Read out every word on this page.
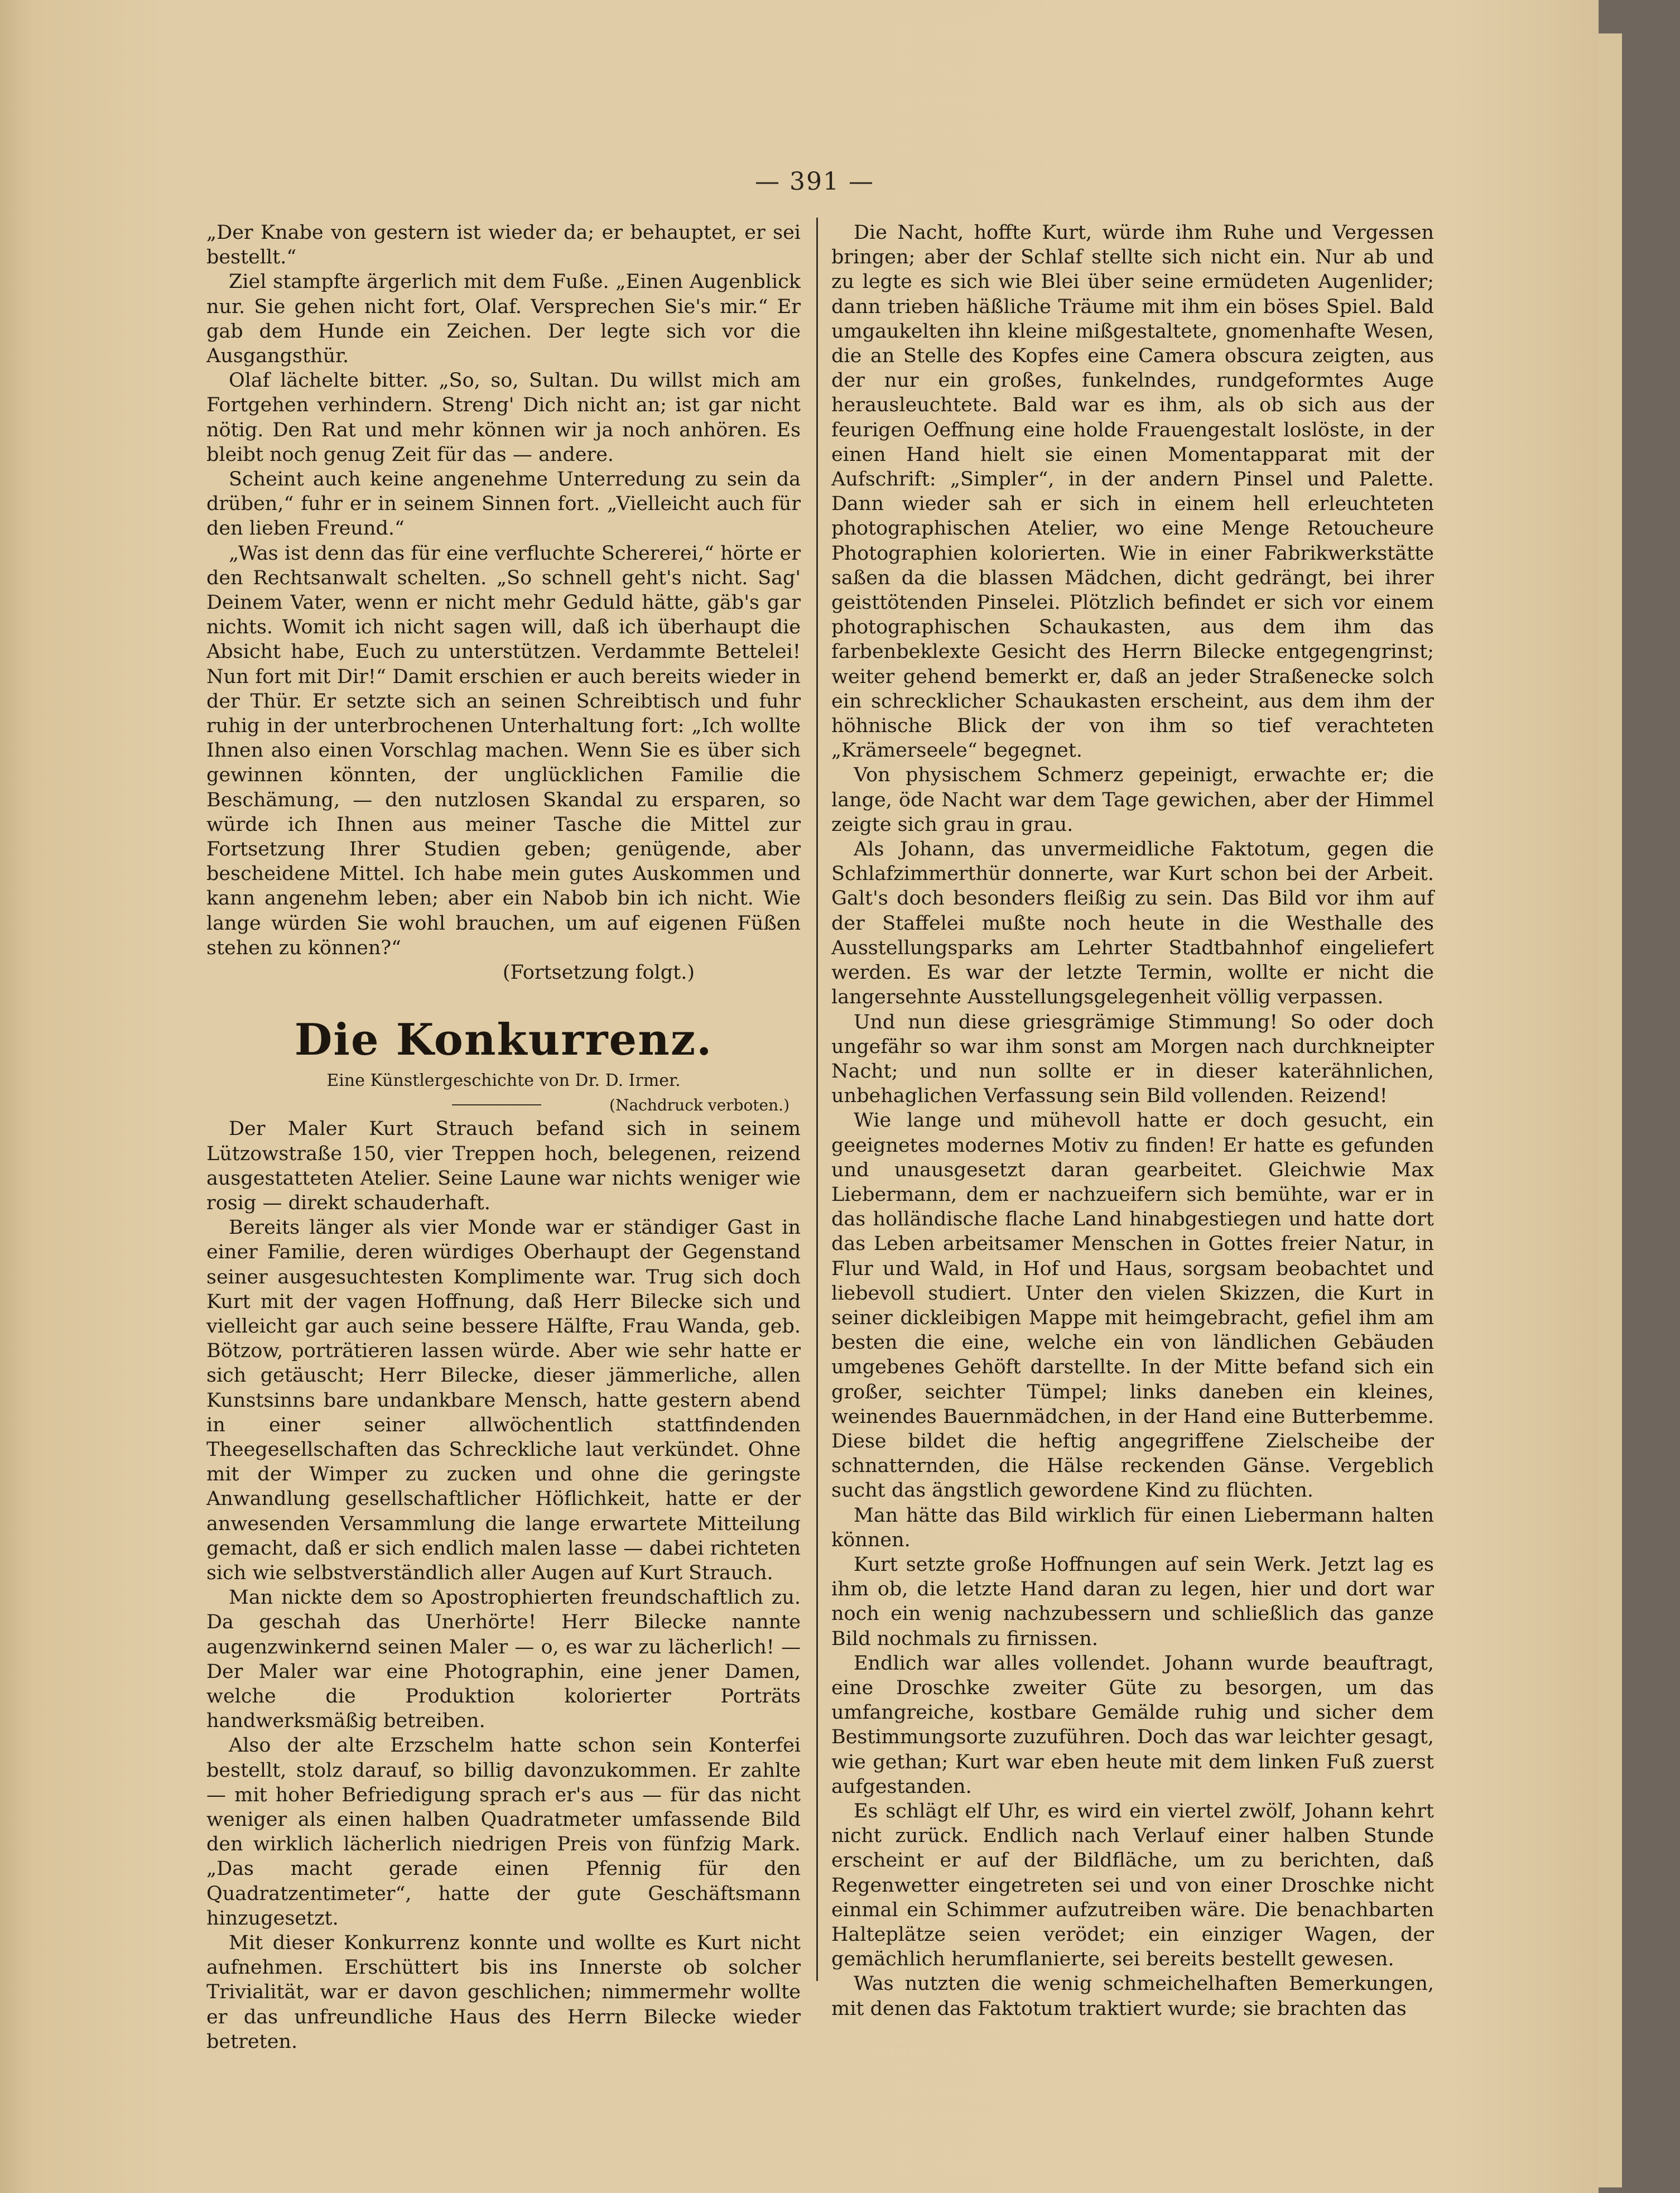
— 391 —

„Der Knabe von gestern ist wieder da; er behauptet, er sei bestellt.“

Ziel stampfte ärgerlich mit dem Fuße. „Einen Augenblick nur. Sie gehen nicht fort, Olaf. Versprechen Sie's mir.“ Er gab dem Hunde ein Zeichen. Der legte sich vor die Ausgangsthür.

Olaf lächelte bitter. „So, so, Sultan. Du willst mich am Fortgehen verhindern. Streng' Dich nicht an; ist gar nicht nötig. Den Rat und mehr können wir ja noch anhören. Es bleibt noch genug Zeit für das — andere.

Scheint auch keine angenehme Unterredung zu sein da drüben,“ fuhr er in seinem Sinnen fort. „Vielleicht auch für den lieben Freund.“

„Was ist denn das für eine verfluchte Schererei,“ hörte er den Rechtsanwalt schelten. „So schnell geht's nicht. Sag' Deinem Vater, wenn er nicht mehr Geduld hätte, gäb's gar nichts. Womit ich nicht sagen will, daß ich überhaupt die Absicht habe, Euch zu unterstützen. Verdammte Bettelei! Nun fort mit Dir!“ Damit erschien er auch bereits wieder in der Thür. Er setzte sich an seinen Schreibtisch und fuhr ruhig in der unterbrochenen Unterhaltung fort: „Ich wollte Ihnen also einen Vorschlag machen. Wenn Sie es über sich gewinnen könnten, der unglücklichen Familie die Beschämung, — den nutzlosen Skandal zu ersparen, so würde ich Ihnen aus meiner Tasche die Mittel zur Fortsetzung Ihrer Studien geben; genügende, aber bescheidene Mittel. Ich habe mein gutes Auskommen und kann angenehm leben; aber ein Nabob bin ich nicht. Wie lange würden Sie wohl brauchen, um auf eigenen Füßen stehen zu können?“

(Fortsetzung folgt.)

Die Konkurrenz.
Eine Künstlergeschichte von Dr. D. Irmer.
(Nachdruck verboten.)

Der Maler Kurt Strauch befand sich in seinem Lützowstraße 150, vier Treppen hoch, belegenen, reizend ausgestatteten Atelier. Seine Laune war nichts weniger wie rosig — direkt schauderhaft.

Bereits länger als vier Monde war er ständiger Gast in einer Familie, deren würdiges Oberhaupt der Gegenstand seiner ausgesuchtesten Komplimente war. Trug sich doch Kurt mit der vagen Hoffnung, daß Herr Bilecke sich und vielleicht gar auch seine bessere Hälfte, Frau Wanda, geb. Bötzow, porträtieren lassen würde. Aber wie sehr hatte er sich getäuscht; Herr Bilecke, dieser jämmerliche, allen Kunstsinns bare undankbare Mensch, hatte gestern abend in einer seiner allwöchentlich stattfindenden Theegesellschaften das Schreckliche laut verkündet. Ohne mit der Wimper zu zucken und ohne die geringste Anwandlung gesellschaftlicher Höflichkeit, hatte er der anwesenden Versammlung die lange erwartete Mitteilung gemacht, daß er sich endlich malen lasse — dabei richteten sich wie selbstverständlich aller Augen auf Kurt Strauch.

Man nickte dem so Apostrophierten freundschaftlich zu. Da geschah das Unerhörte! Herr Bilecke nannte augenzwinkernd seinen Maler — o, es war zu lächerlich! — Der Maler war eine Photographin, eine jener Damen, welche die Produktion kolorierter Porträts handwerksmäßig betreiben.

Also der alte Erzschelm hatte schon sein Konterfei bestellt, stolz darauf, so billig davonzukommen. Er zahlte — mit hoher Befriedigung sprach er's aus — für das nicht weniger als einen halben Quadratmeter umfassende Bild den wirklich lächerlich niedrigen Preis von fünfzig Mark. „Das macht gerade einen Pfennig für den Quadratzentimeter“, hatte der gute Geschäftsmann hinzugesetzt.

Mit dieser Konkurrenz konnte und wollte es Kurt nicht aufnehmen. Erschüttert bis ins Innerste ob solcher Trivialität, war er davon geschlichen; nimmermehr wollte er das unfreundliche Haus des Herrn Bilecke wieder betreten.

Die Nacht, hoffte Kurt, würde ihm Ruhe und Vergessen bringen; aber der Schlaf stellte sich nicht ein. Nur ab und zu legte es sich wie Blei über seine ermüdeten Augenlider; dann trieben häßliche Träume mit ihm ein böses Spiel. Bald umgaukelten ihn kleine mißgestaltete, gnomenhafte Wesen, die an Stelle des Kopfes eine Camera obscura zeigten, aus der nur ein großes, funkelndes, rundgeformtes Auge herausleuchtete. Bald war es ihm, als ob sich aus der feurigen Oeffnung eine holde Frauengestalt loslöste, in der einen Hand hielt sie einen Momentapparat mit der Aufschrift: „Simpler“, in der andern Pinsel und Palette. Dann wieder sah er sich in einem hell erleuchteten photographischen Atelier, wo eine Menge Retoucheure Photographien kolorierten. Wie in einer Fabrikwerkstätte saßen da die blassen Mädchen, dicht gedrängt, bei ihrer geisttötenden Pinselei. Plötzlich befindet er sich vor einem photographischen Schaukasten, aus dem ihm das farbenbeklexte Gesicht des Herrn Bilecke entgegengrinst; weiter gehend bemerkt er, daß an jeder Straßenecke solch ein schrecklicher Schaukasten erscheint, aus dem ihm der höhnische Blick der von ihm so tief verachteten „Krämerseele“ begegnet.

Von physischem Schmerz gepeinigt, erwachte er; die lange, öde Nacht war dem Tage gewichen, aber der Himmel zeigte sich grau in grau.

Als Johann, das unvermeidliche Faktotum, gegen die Schlafzimmerthür donnerte, war Kurt schon bei der Arbeit. Galt's doch besonders fleißig zu sein. Das Bild vor ihm auf der Staffelei mußte noch heute in die Westhalle des Ausstellungsparks am Lehrter Stadtbahnhof eingeliefert werden. Es war der letzte Termin, wollte er nicht die langersehnte Ausstellungsgelegenheit völlig verpassen.

Und nun diese griesgrämige Stimmung! So oder doch ungefähr so war ihm sonst am Morgen nach durchkneipter Nacht; und nun sollte er in dieser katerähnlichen, unbehaglichen Verfassung sein Bild vollenden. Reizend!

Wie lange und mühevoll hatte er doch gesucht, ein geeignetes modernes Motiv zu finden! Er hatte es gefunden und unausgesetzt daran gearbeitet. Gleichwie Max Liebermann, dem er nachzueifern sich bemühte, war er in das holländische flache Land hinabgestiegen und hatte dort das Leben arbeitsamer Menschen in Gottes freier Natur, in Flur und Wald, in Hof und Haus, sorgsam beobachtet und liebevoll studiert. Unter den vielen Skizzen, die Kurt in seiner dickleibigen Mappe mit heimgebracht, gefiel ihm am besten die eine, welche ein von ländlichen Gebäuden umgebenes Gehöft darstellte. In der Mitte befand sich ein großer, seichter Tümpel; links daneben ein kleines, weinendes Bauernmädchen, in der Hand eine Butterbemme. Diese bildet die heftig angegriffene Zielscheibe der schnatternden, die Hälse reckenden Gänse. Vergeblich sucht das ängstlich gewordene Kind zu flüchten.

Man hätte das Bild wirklich für einen Liebermann halten können.

Kurt setzte große Hoffnungen auf sein Werk. Jetzt lag es ihm ob, die letzte Hand daran zu legen, hier und dort war noch ein wenig nachzubessern und schließlich das ganze Bild nochmals zu firnissen.

Endlich war alles vollendet. Johann wurde beauftragt, eine Droschke zweiter Güte zu besorgen, um das umfangreiche, kostbare Gemälde ruhig und sicher dem Bestimmungsorte zuzuführen. Doch das war leichter gesagt, wie gethan; Kurt war eben heute mit dem linken Fuß zuerst aufgestanden.

Es schlägt elf Uhr, es wird ein viertel zwölf, Johann kehrt nicht zurück. Endlich nach Verlauf einer halben Stunde erscheint er auf der Bildfläche, um zu berichten, daß Regenwetter eingetreten sei und von einer Droschke nicht einmal ein Schimmer aufzutreiben wäre. Die benachbarten Halteplätze seien verödet; ein einziger Wagen, der gemächlich herumflanierte, sei bereits bestellt gewesen.

Was nutzten die wenig schmeichelhaften Bemerkungen, mit denen das Faktotum traktiert wurde; sie brachten das
